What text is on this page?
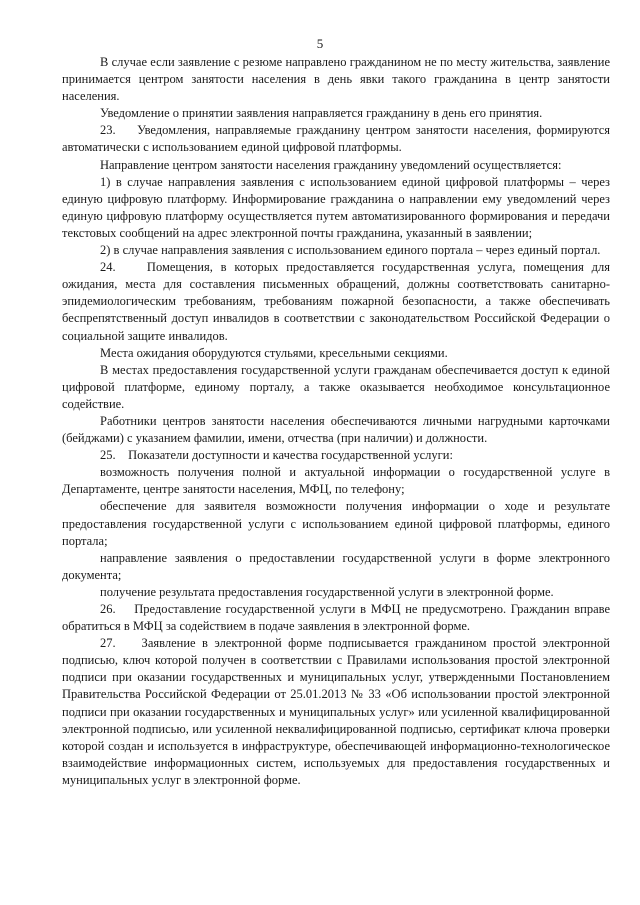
5

В случае если заявление с резюме направлено гражданином не по месту жительства, заявление принимается центром занятости населения в день явки такого гражданина в центр занятости населения.

Уведомление о принятии заявления направляется гражданину в день его принятия.

23.    Уведомления, направляемые гражданину центром занятости населения, формируются автоматически с использованием единой цифровой платформы.

Направление центром занятости населения гражданину уведомлений осуществляется:

1) в случае направления заявления с использованием единой цифровой платформы – через единую цифровую платформу. Информирование гражданина о направлении ему уведомлений через единую цифровую платформу осуществляется путем автоматизированного формирования и передачи текстовых сообщений на адрес электронной почты гражданина, указанный в заявлении;

2) в случае направления заявления с использованием единого портала – через единый портал.

24.    Помещения, в которых предоставляется государственная услуга, помещения для ожидания, места для составления письменных обращений, должны соответствовать санитарно-эпидемиологическим требованиям, требованиям пожарной безопасности, а также обеспечивать беспрепятственный доступ инвалидов в соответствии с законодательством Российской Федерации о социальной защите инвалидов.

Места ожидания оборудуются стульями, кресельными секциями.

В местах предоставления государственной услуги гражданам обеспечивается доступ к единой цифровой платформе, единому порталу, а также оказывается необходимое консультационное содействие.

Работники центров занятости населения обеспечиваются личными нагрудными карточками (бейджами) с указанием фамилии, имени, отчества (при наличии) и должности.

25.    Показатели доступности и качества государственной услуги:

возможность получения полной и актуальной информации о государственной услуге в Департаменте, центре занятости населения, МФЦ, по телефону;

обеспечение для заявителя возможности получения информации о ходе и результате предоставления государственной услуги с использованием единой цифровой платформы, единого портала;

направление заявления о предоставлении государственной услуги в форме электронного документа;

получение результата предоставления государственной услуги в электронной форме.

26.    Предоставление государственной услуги в МФЦ не предусмотрено. Гражданин вправе обратиться в МФЦ за содействием в подаче заявления в электронной форме.

27.    Заявление в электронной форме подписывается гражданином простой электронной подписью, ключ которой получен в соответствии с Правилами использования простой электронной подписи при оказании государственных и муниципальных услуг, утвержденными Постановлением Правительства Российской Федерации от 25.01.2013 № 33 «Об использовании простой электронной подписи при оказании государственных и муниципальных услуг» или усиленной квалифицированной электронной подписью, или усиленной неквалифицированной подписью, сертификат ключа проверки которой создан и используется в инфраструктуре, обеспечивающей информационно-технологическое взаимодействие информационных систем, используемых для предоставления государственных и муниципальных услуг в электронной форме.
